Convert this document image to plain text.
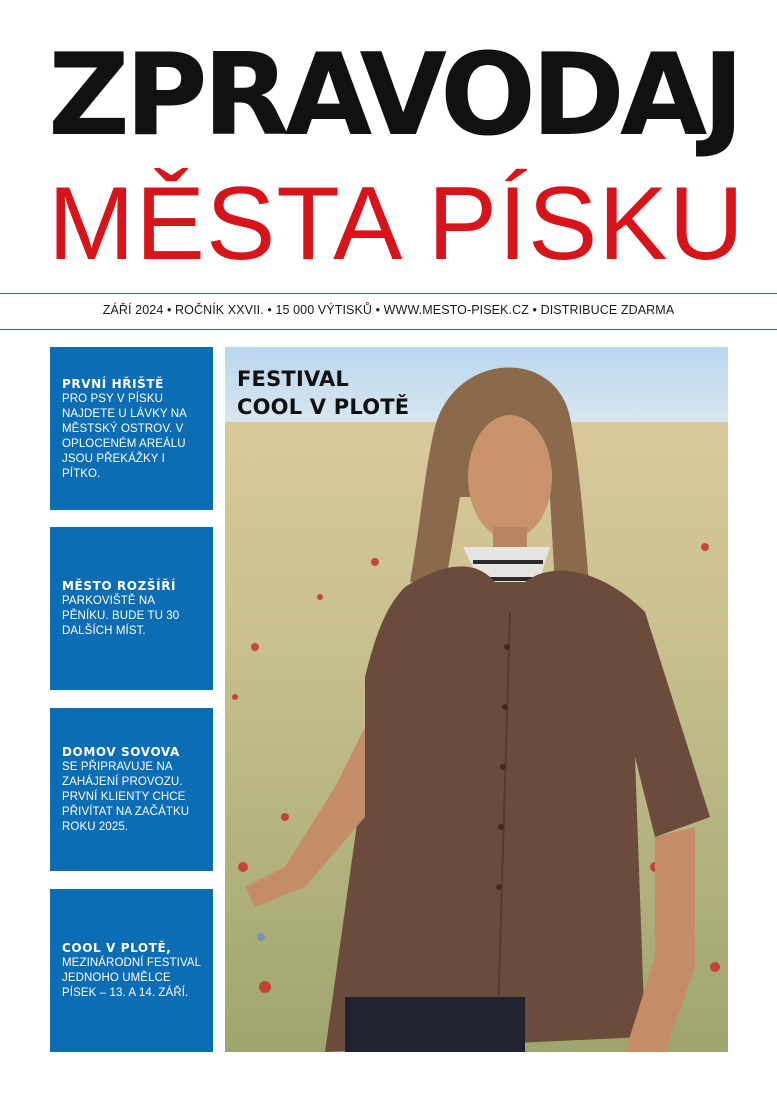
ZPRAVODAJ
MĚSTA PÍSKU
ZÁŘÍ 2024 • ROČNÍK XXVII. • 15 000 VÝTISKŮ • WWW.MESTO-PISEK.CZ • DISTRIBUCE ZDARMA
PRVNÍ HŘIŠTĚ
PRO PSY V PÍSKU NAJDETE U LÁVKY NA MĚSTSKÝ OSTROV. V OPLOCENÉM AREÁLU JSOU PŘEKÁŽKY I PÍTKO.
MĚSTO ROZŠÍŘÍ
PARKOVIŠTĚ NA PĚNÍKU. BUDE TU 30 DALŠÍCH MÍST.
DOMOV SOVOVA
SE PŘIPRAVUJE NA ZAHÁJENÍ PROVOZU. PRVNÍ KLIENTY CHCE PŘIVÍTAT NA ZAČÁTKU ROKU 2025.
COOL V PLOTĚ,
MEZINÁRODNÍ FESTIVAL JEDNOHO UMĚLCE PÍSEK – 13. A 14. ZÁŘÍ.
FESTIVAL
COOL V PLOTĚ
